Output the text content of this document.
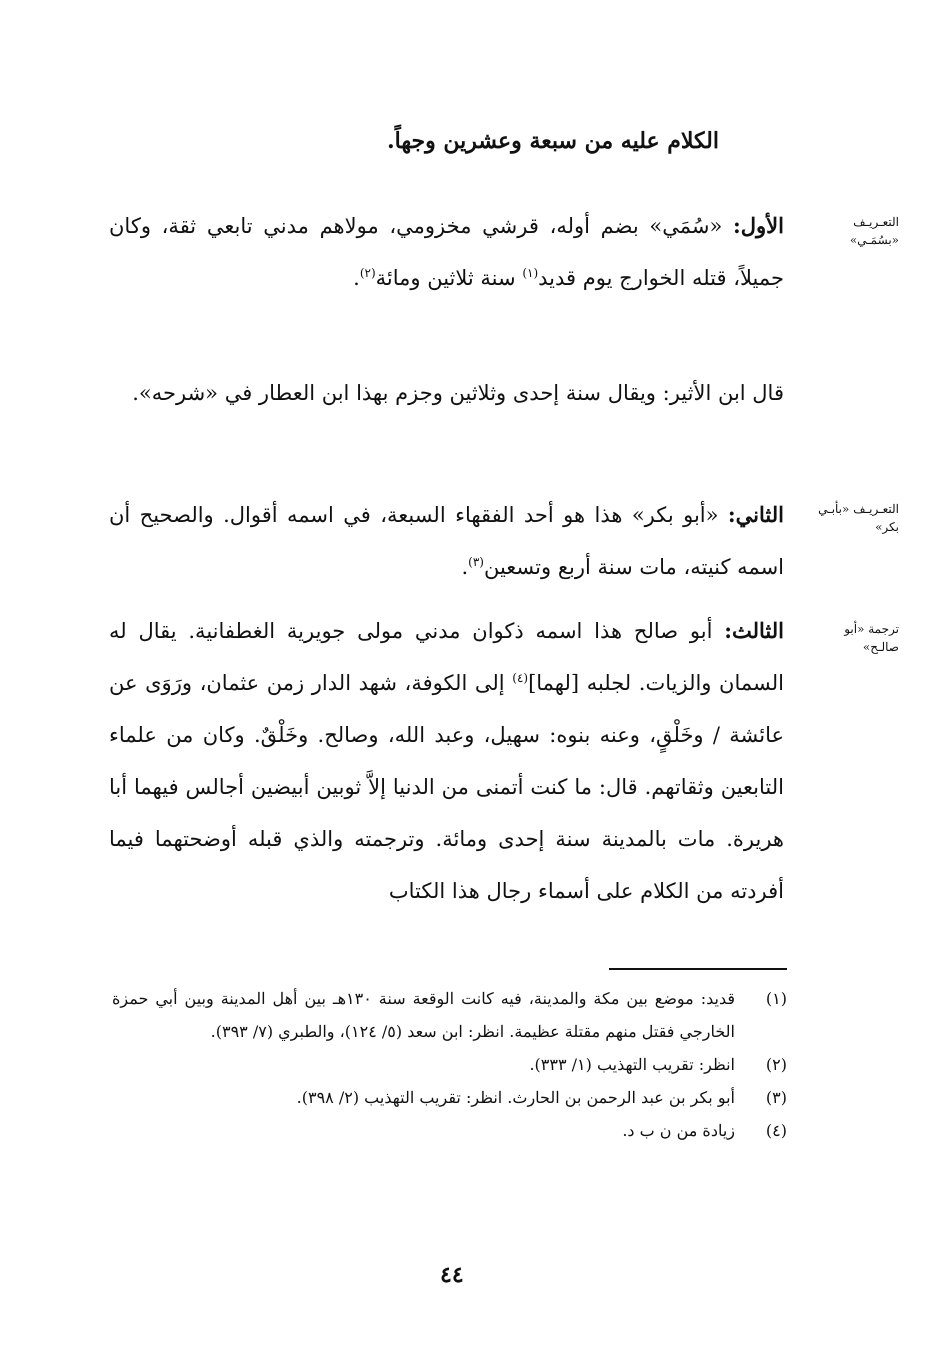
الكلام عليه من سبعة وعشرين وجهاً.
الأول: «سُمَي» بضم أوله، قرشي مخزومي، مولاهم مدني تابعي ثقة، وكان جميلاً، قتله الخوارج يوم قديد$^{(١)}$ سنة ثلاثين ومائة$^{(٢)}$.
قال ابن الأثير: ويقال سنة إحدى وثلاثين وجزم بهذا ابن العطار في «شرحه».
الثاني: «أبو بكر» هذا هو أحد الفقهاء السبعة، في اسمه أقوال. والصحيح أن اسمه كنيته، مات سنة أربع وتسعين$^{(٣)}$.
الثالث: أبو صالح هذا اسمه ذكوان مدني مولى جويرية الغطفانية. يقال له السمان والزيات. لجلبه [لهما]$^{(٤)}$ إلى الكوفة، شهد الدار زمن عثمان، ورَوَى عن عائشة / وخَلْقٍ، وعنه بنوه: سهيل، وعبد الله، وصالح. وخَلْقٌ. وكان من علماء التابعين وثقاتهم. قال: ما كنت أتمنى من الدنيا إلاَّ ثوبين أبيضين أجالس فيهما أبا هريرة. مات بالمدينة سنة إحدى ومائة. وترجمته والذي قبله أوضحتهما فيما أفردته من الكلام على أسماء رجال هذا الكتاب
التعـريـف «بسُمَـي»
التعـريـف «بأبـي بكر»
ترجمة «أبو صالـح»
(١)
قديد: موضع بين مكة والمدينة، فيه كانت الوقعة سنة ١٣٠هـ بين أهل المدينة وبين أبي حمزة الخارجي فقتل منهم مقتلة عظيمة. انظر: ابن سعد (٥/ ١٢٤)، والطبري (٧/ ٣٩٣).
(٢)
انظر: تقريب التهذيب (١/ ٣٣٣).
(٣)
أبو بكر بن عبد الرحمن بن الحارث. انظر: تقريب التهذيب (٢/ ٣٩٨).
(٤)
زيادة من ن ب د.
٤٤
